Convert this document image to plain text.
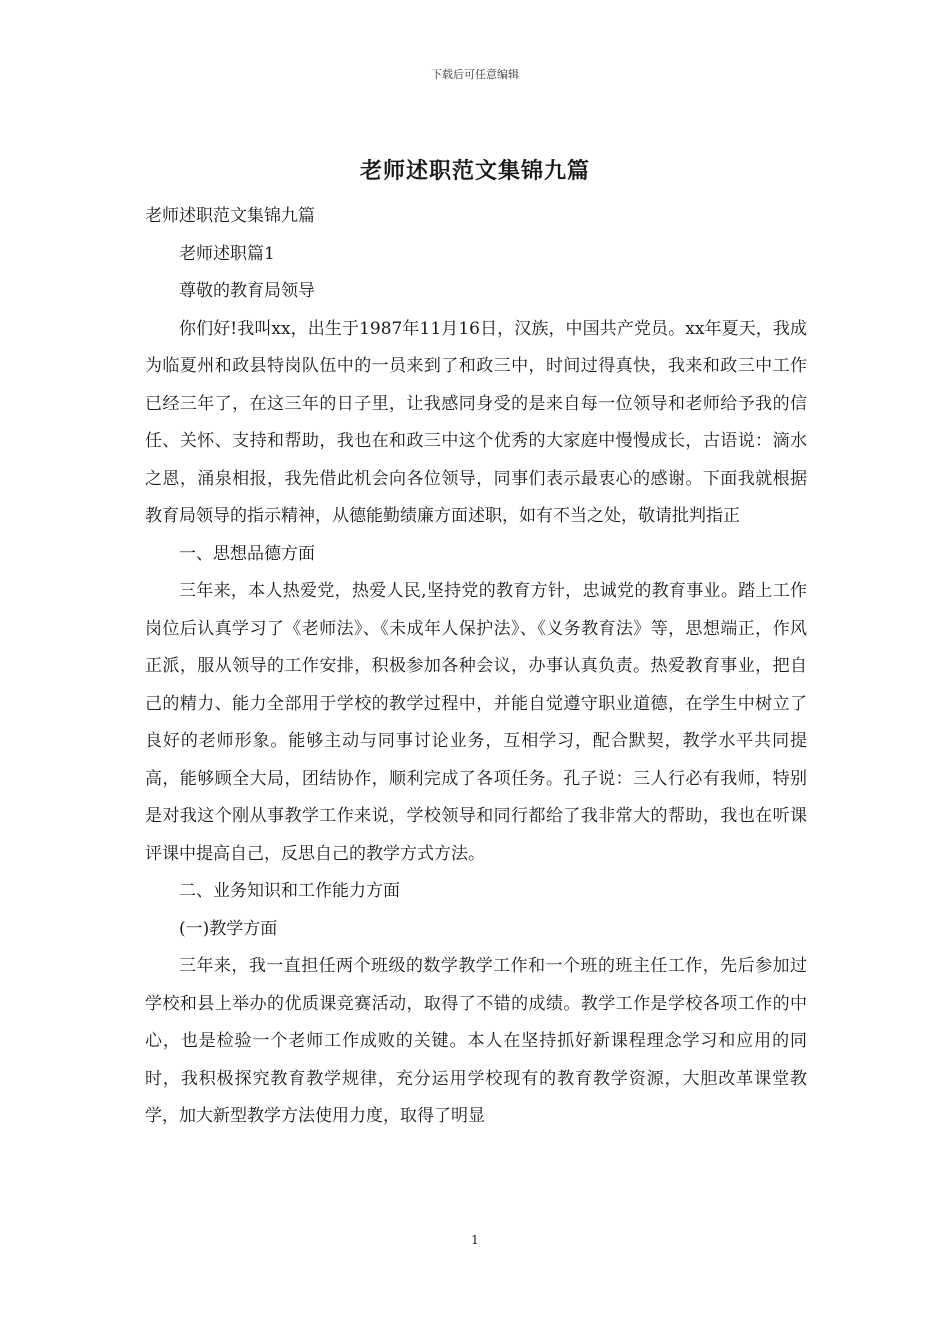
下载后可任意编辑
老师述职范文集锦九篇

老师述职范文集锦九篇

老师述职篇1

尊敬的教育局领导

你们好!我叫xx，出生于1987年11月16日，汉族，中国共产党员。xx年夏天，我成为临夏州和政县特岗队伍中的一员来到了和政三中，时间过得真快，我来和政三中工作已经三年了，在这三年的日子里，让我感同身受的是来自每一位领导和老师给予我的信任、关怀、支持和帮助，我也在和政三中这个优秀的大家庭中慢慢成长，古语说：滴水之恩，涌泉相报，我先借此机会向各位领导，同事们表示最衷心的感谢。下面我就根据教育局领导的指示精神，从德能勤绩廉方面述职，如有不当之处，敬请批判指正

一、思想品德方面

三年来，本人热爱党，热爱人民,坚持党的教育方针，忠诚党的教育事业。踏上工作岗位后认真学习了《老师法》、《未成年人保护法》、《义务教育法》等，思想端正，作风正派，服从领导的工作安排，积极参加各种会议，办事认真负责。热爱教育事业，把自己的精力、能力全部用于学校的教学过程中，并能自觉遵守职业道德，在学生中树立了良好的老师形象。能够主动与同事讨论业务，互相学习，配合默契，教学水平共同提高，能够顾全大局，团结协作，顺利完成了各项任务。孔子说：三人行必有我师，特别是对我这个刚从事教学工作来说，学校领导和同行都给了我非常大的帮助，我也在听课评课中提高自己，反思自己的教学方式方法。

二、业务知识和工作能力方面

(一)教学方面

三年来，我一直担任两个班级的数学教学工作和一个班的班主任工作，先后参加过学校和县上举办的优质课竞赛活动，取得了不错的成绩。教学工作是学校各项工作的中心，也是检验一个老师工作成败的关键。本人在坚持抓好新课程理念学习和应用的同时，我积极探究教育教学规律，充分运用学校现有的教育教学资源，大胆改革课堂教学，加大新型教学方法使用力度，取得了明显

1
